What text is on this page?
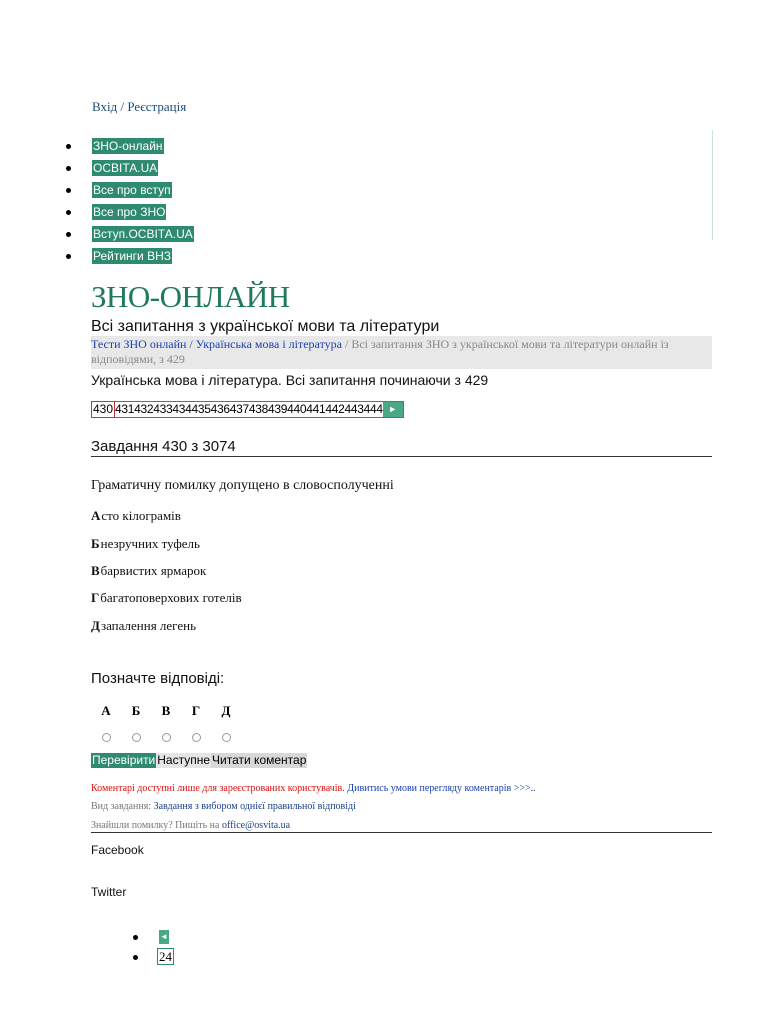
Вхід / Реєстрація
ЗНО-онлайн
ОСВІТА.UA
Все про вступ
Все про ЗНО
Вступ.ОСВІТА.UA
Рейтинги ВНЗ
ЗНО-ОНЛАЙН
Всі запитання з української мови та літератури
Тести ЗНО онлайн / Українська мова і література / Всі запитання ЗНО з української мови та літератури онлайн із відповідями, з 429
Українська мова і література. Всі запитання починаючи з 429
430 431432433434435436437438439440441442443444 ►
Завдання 430 з 3074
Граматичну помилку допущено в словосполученні
Асто кілограмів
Бнезручних туфель
Вбарвистих ярмарок
Гбагатоповерхових готелів
Дзапалення легень
Позначте відповіді:
А	Б	В	Г	Д
Перевірити Наступне Читати коментар
Коментарі доступні лише для зареєстрованих користувачів. Дивитись умови перегляду коментарів >>>..
Вид завдання: Завдання з вибором однієї правильної відповіді
Знайшли помилку? Пишіть на office@osvita.ua
Facebook
Twitter
◄
24
